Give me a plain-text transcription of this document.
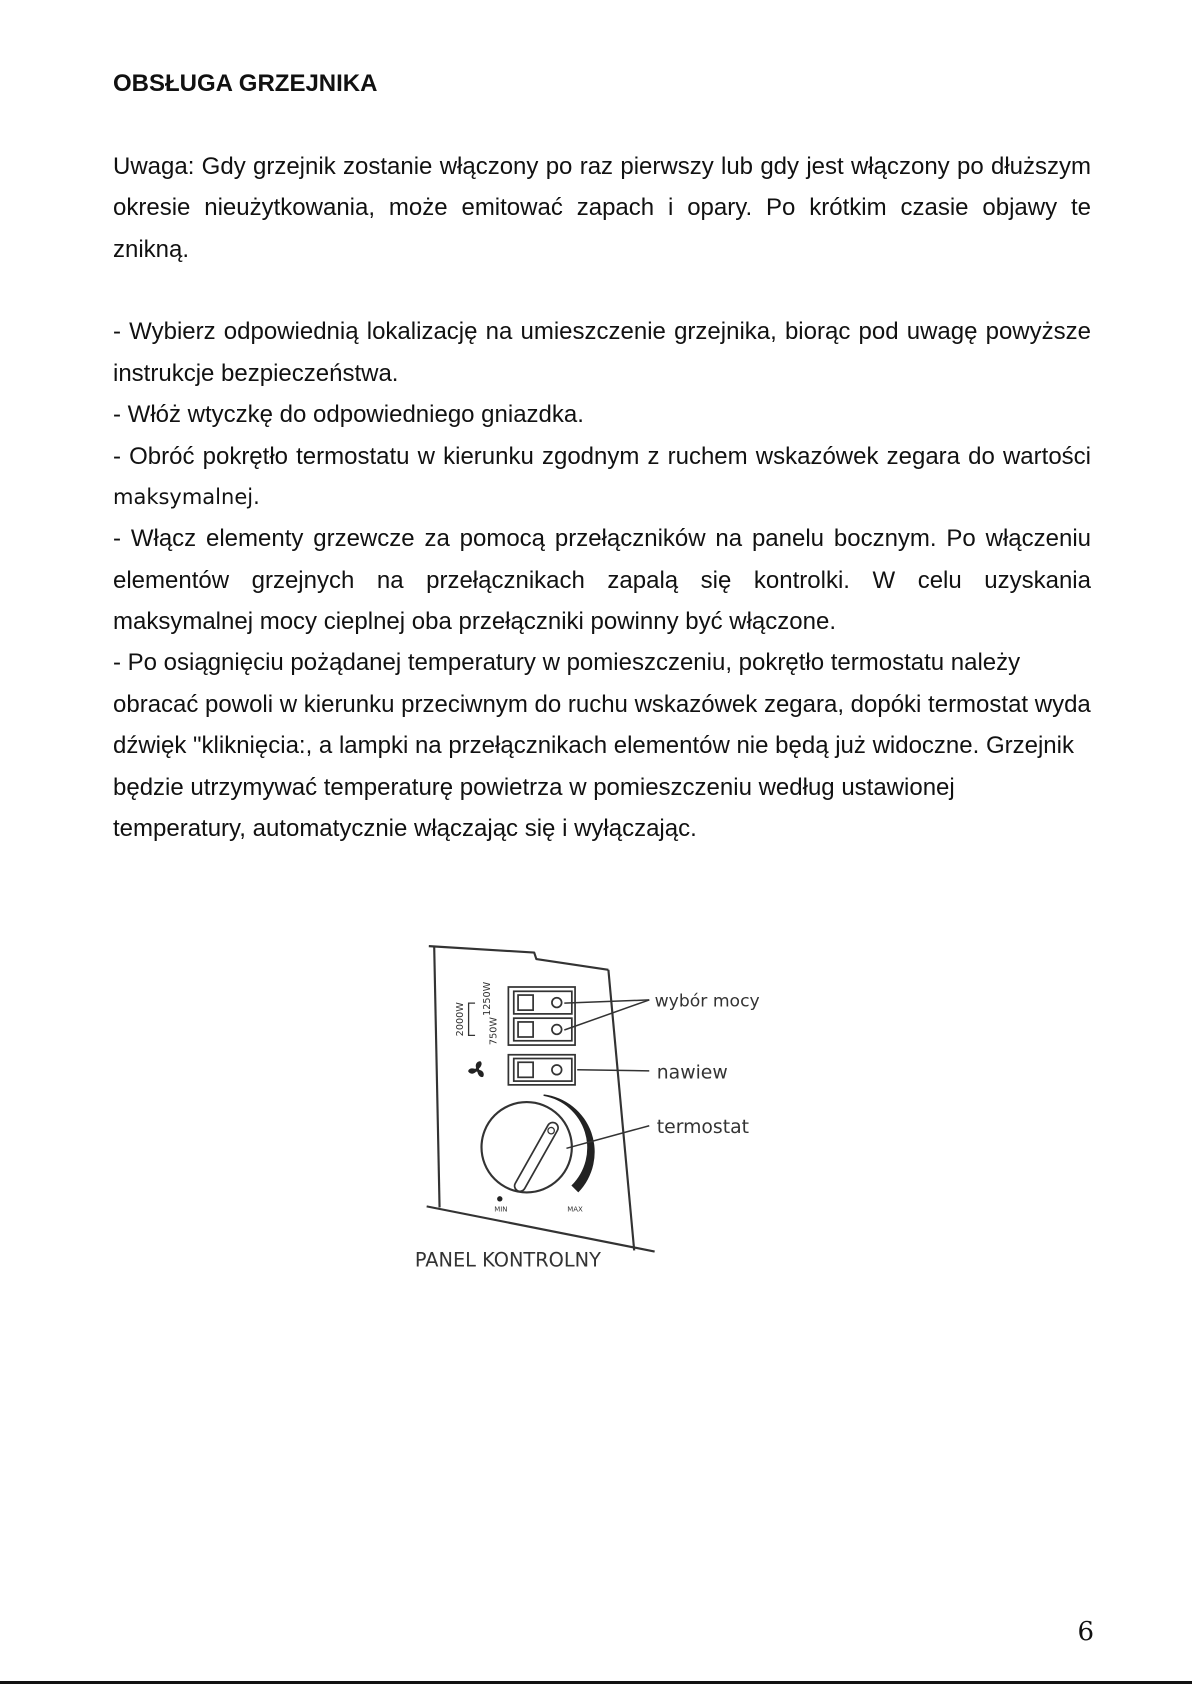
OBSŁUGA GRZEJNIKA
Uwaga: Gdy grzejnik zostanie włączony po raz pierwszy lub gdy jest włączony po dłuższym
okresie nieużytkowania, może emitować zapach i opary. Po krótkim czasie objawy te
znikną.
- Wybierz odpowiednią lokalizację na umieszczenie grzejnika, biorąc pod uwagę powyższe
instrukcje bezpieczeństwa.
- Włóż wtyczkę do odpowiedniego gniazdka.
- Obróć pokrętło termostatu w kierunku zgodnym z ruchem wskazówek zegara do wartości
maksymalnej.
- Włącz elementy grzewcze za pomocą przełączników na panelu bocznym. Po włączeniu
elementów grzejnych na przełącznikach zapalą się kontrolki. W celu uzyskania
maksymalnej mocy cieplnej oba przełączniki powinny być włączone.
- Po osiągnięciu pożądanej temperatury w pomieszczeniu, pokrętło termostatu należy
obracać powoli w kierunku przeciwnym do ruchu wskazówek zegara, dopóki termostat wyda
dźwięk "kliknięcia:, a lampki na przełącznikach elementów nie będą już widoczne. Grzejnik
będzie utrzymywać temperaturę powietrza w pomieszczeniu według ustawionej
temperatury, automatycznie włączając się i wyłączając.
2000W
1250W
750W
MIN	MAX
wybór mocy
nawiew
termostat
PANEL KONTROLNY
6
